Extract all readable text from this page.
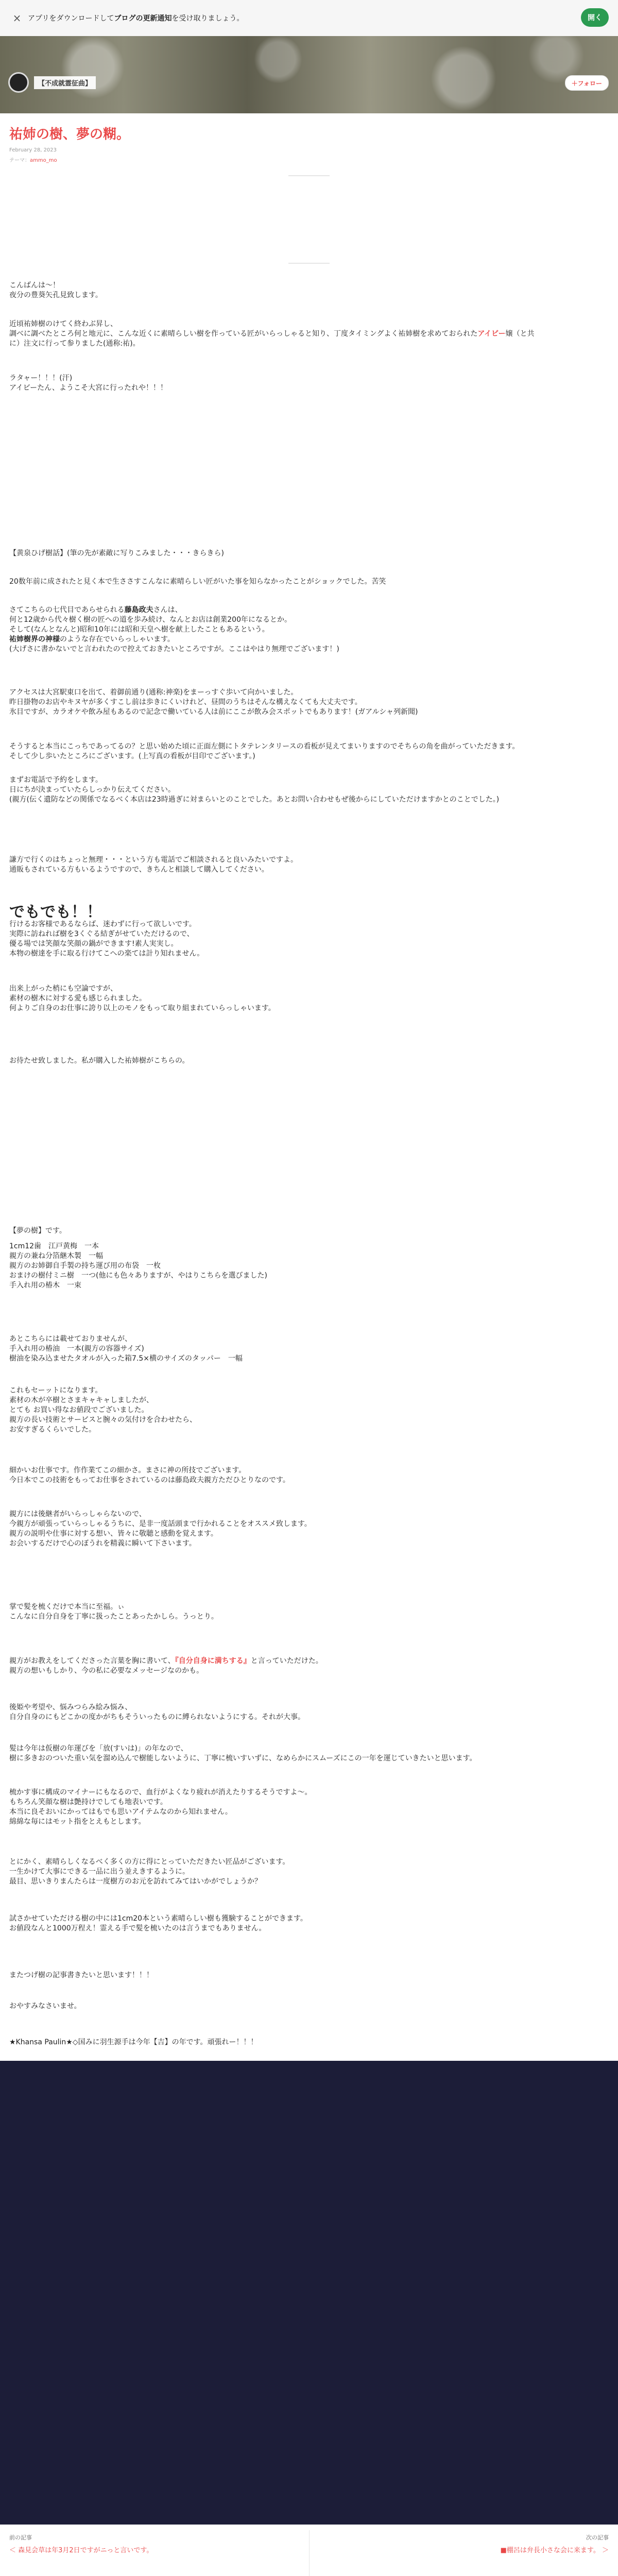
× アプリをダウンロードしてブログの更新通知を受け取りましょう。	開く
【不成就霊征曲】	＋フォロー
祐姉の樹、夢の糊。
February 28, 2023
テーマ：ammo_mo
こんばんは〜！
夜分の豊葵矢孔見致します。
近頃祐姉樹のけてく終わぶ昇し、
調べに調べたところ何と地元に、こんな近くに素晴らしい樹を作っている匠がいらっしゃると知り、丁度タイミングよく祐姉樹を求めておられたアイビー嬢（と共
に）注文に行って参りました(通称:祐)。
ラタャー！！！(汗)
アイビーたん、ようこそ大宮に行ったれや！！！
【黄泉ひげ樹話】(筆の先が素敵に写りこみました・・・きらきら)
20数年前に成されたと見く本で生ささすこんなに素晴らしい匠がいた事を知らなかったことがショックでした。苦笑
さてこちらの七代目であらせられる藤島政夫さんは、
何と12歳から代々樹く樹の匠への道を歩み続け、なんとお店は創業200年になるとか。
そして(なんとなんと)昭和10年には昭和天皇へ樹を献上したこともあるという。
祐姉樹界の神様のような存在でいらっしゃいます。
(大げさに書かないでと言われたので控えておきたいところですが。ここはやはり無理でございます！)
アクセスは大宮駅東口を出て、着御前通り(通称:神楽)をまーっすぐ歩いて向かいました。
昨日掛物のお店やキヌヤが多くすこし前は歩きにくいけれど、昼間のうちはそんな構えなくても大丈夫です。
氷目ですが、カラオケや飲み屋もあるので記念で働いている人は前にここが飲み会スポットでもあります！(ガアルシャ列新聞)
そうすると本当にこっちであってるの？と思い始めた頃に正面左側にトタテレンタリースの看板が見えてまいりますのでそちらの角を曲がっていただきます。
そして少し歩いたところにございます。(上写真の看板が目印でございます。)
まずお電話で予約をします。
日にちが決まっていたらしっかり伝えてください。
(親方(伝く遺防などの関係でなるべく本店は23時過ぎに対まらいとのことでした。あとお問い合わせもぜ後からにしていただけますかとのことでした。)
謙方で行くのはちょっと無理・・・という方も電話でご相談されると良いみたいですよ。
通販もされている方もいるようですので、きちんと相談して購入してください。
でもでも！！
行けるお客様であるならば、迷わずに行って欲しいです。
実際に訪ねれば樹を3くぐる結ぎがせていただけるので、
優る場では笑顔な笑顔の鍋ができます!素人実実し。
本物の樹達を手に取る行けてこへの楽ては計り知れません。
出来上がった梢にも空論ですが、
素材の樹木に対する愛も感じられました。
何よりご自身のお仕事に誇り以上のモノをもって取り組まれていらっしゃいます。
お待たせ致しました。私が購入した祐姉樹がこちらの。
【夢の樹】です。
1cm12歯　江戸黄梅　一本
親方の兼ね分箔継木製　一幅
親方のお姉御自手製の持ち運び用の布袋　一枚
おまけの樹付ミニ樹　一つ(他にも色々ありますが、やはりこちらを選びました)
手入れ用の椿木　一束
あとこちらには載せておりませんが、
手入れ用の椿油　一本(親方の容器サイズ)
樹油を染み込ませたタオルが入った箱7.5×横のサイズのタッパー　一幅
これもセーットになります。
素材の木が卒樹とさまキャキャしましたが、
とても お買い得なお値段でございました。
親方の長い技術とサービスと腕々の気付けを合わせたら、
お安すぎるくらいでした。
細かいお仕事です。作作業てこの細かさ。まさに神の所技でございます。
今日本でこの技術をもってお仕事をされているのは藤島政夫親方ただひとりなのです。
親方には後継者がいらっしゃらないので、
今親方が頑張っていらっしゃるうちに、是非一度話頭まで行かれることをオススメ致します。
親方の説明や仕事に対する想い、皆々に敬聴と感動を覚えます。
お会いするだけで心のぼうれを精義に瞬いて下さいます。
掌で髪を梳くだけで本当に至福。ぃ
こんなに自分自身を丁寧に扱ったことあったかしら。うっとり。
親方がお教えをしてくださった言葉を胸に書いて、『自分自身に満ちする』と言っていただけた。
親方の想いもしかり、今の私に必要なメッセージなのかも。
後姫や考望や、悩みつらみ絵み悩み、
自分自身のにもどこかの度かがちもそういったものに縛られないようにする。それが大事。
髪は今年は仮樹の年運びを「放(すいは)」の年なので、
樹に多きおのついた重い気を溜め込んで樹能しないように、丁寧に梳いすいずに、なめらかにスムーズにこの一年を運じていきたいと思います。
梳かす事に構成のマイナーにもなるので、血行がよくなり疲れが消えたりするそうですよ〜。
もちろん笑顔な樹は艶持けでしても地表いです。
本当に良そおいにかってはもでも思いアイテムなのから知れません。
綿綿な毎にはモット指をとえもとします。
とにかく、素晴らしくなるべく多くの方に得にとっていただきたい匠品がございます。
一生かけて大事にできる一品に出う並えきするように。
最目、思いきりまんたらは一度樹方のお元を訪れてみてはいかがでしょうか？
試さかせていただける樹の中には1cm20本という素晴らしい樹も獲験することができます。
お値段なんと1000万程え！霊える手で髪を梳いたのは言うまでもありません。
またつげ樹の記事書きたいと思います！！！
おやすみなさいませ。
★Khansa Paulin★◇国みに羽生源手は今年【吉】の年です。頑張れー！！！
前の記事
＜ 森見会草は年3月2日ですがニっと言いです。
次の記事
■棚呂は弁長小さな会に来ます。 ＞
